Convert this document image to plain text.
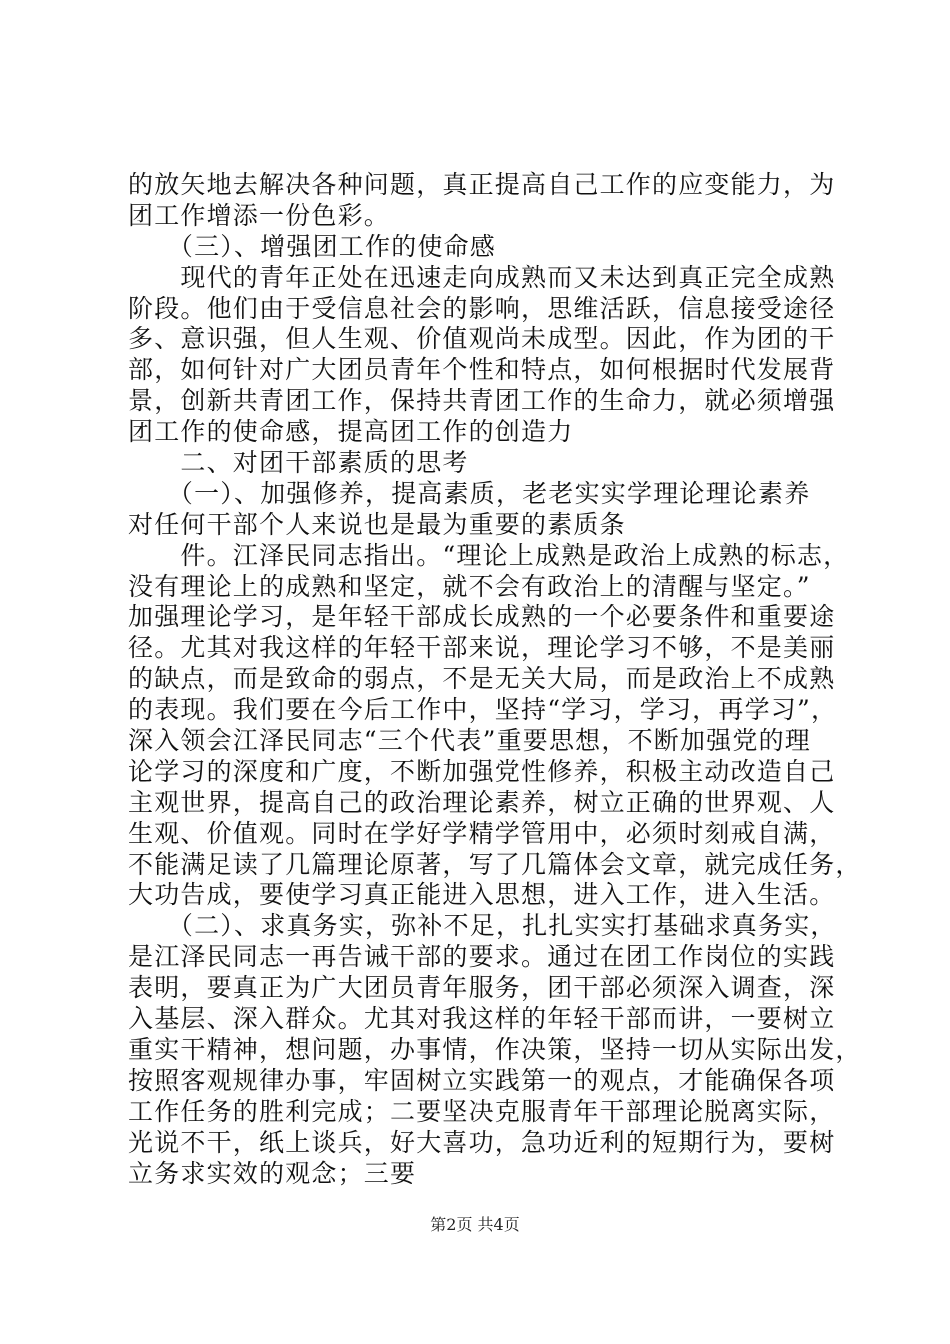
的放矢地去解决各种问题，真正提高自己工作的应变能力，为
团工作增添一份色彩。
　　（三）、增强团工作的使命感
　　现代的青年正处在迅速走向成熟而又未达到真正完全成熟
阶段。他们由于受信息社会的影响，思维活跃，信息接受途径
多、意识强，但人生观、价值观尚未成型。因此，作为团的干
部，如何针对广大团员青年个性和特点，如何根据时代发展背
景，创新共青团工作，保持共青团工作的生命力，就必须增强
团工作的使命感，提高团工作的创造力
　　二、对团干部素质的思考
　　（一）、加强修养，提高素质，老老实实学理论理论素养
对任何干部个人来说也是最为重要的素质条
　　件。江泽民同志指出。“理论上成熟是政治上成熟的标志，
没有理论上的成熟和坚定，就不会有政治上的清醒与坚定。”
加强理论学习，是年轻干部成长成熟的一个必要条件和重要途
径。尤其对我这样的年轻干部来说，理论学习不够，不是美丽
的缺点，而是致命的弱点，不是无关大局，而是政治上不成熟
的表现。我们要在今后工作中，坚持“学习，学习，再学习”，
深入领会江泽民同志“三个代表”重要思想，不断加强党的理
论学习的深度和广度，不断加强党性修养，积极主动改造自己
主观世界，提高自己的政治理论素养，树立正确的世界观、人
生观、价值观。同时在学好学精学管用中，必须时刻戒自满，
不能满足读了几篇理论原著，写了几篇体会文章，就完成任务，
大功告成，要使学习真正能进入思想，进入工作，进入生活。
　　（二）、求真务实，弥补不足，扎扎实实打基础求真务实，
是江泽民同志一再告诫干部的要求。通过在团工作岗位的实践
表明，要真正为广大团员青年服务，团干部必须深入调查，深
入基层、深入群众。尤其对我这样的年轻干部而讲，一要树立
重实干精神，想问题，办事情，作决策，坚持一切从实际出发，
按照客观规律办事，牢固树立实践第一的观点，才能确保各项
工作任务的胜利完成；二要坚决克服青年干部理论脱离实际，
光说不干，纸上谈兵，好大喜功，急功近利的短期行为，要树
立务求实效的观念；三要
第2页 共4页
